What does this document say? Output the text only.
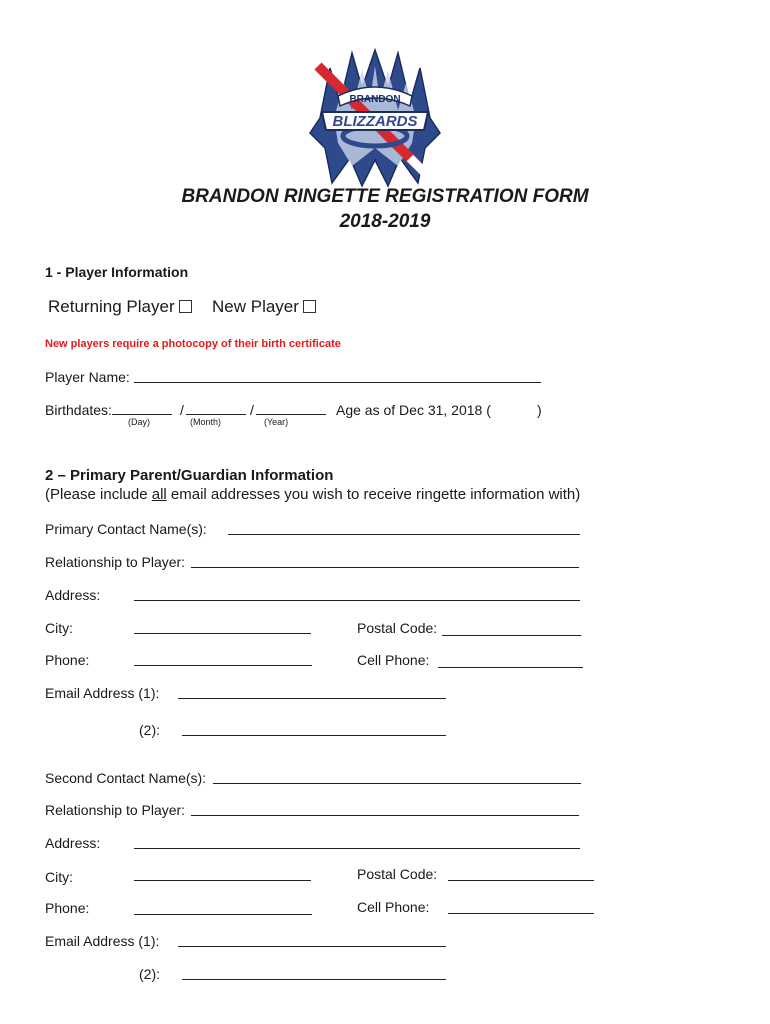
BRANDON
BLIZZARDS
BRANDON RINGETTE REGISTRATION FORM
2018-2019
1 - Player Information
Returning Player	New Player
New players require a photocopy of their birth certificate
Player Name:
Birthdates:	/	/
(Day)	(Month)	(Year)
Age as of Dec 31, 2018 (	)
2 – Primary Parent/Guardian Information
(Please include all email addresses you wish to receive ringette information with)
Primary Contact Name(s):
Relationship to Player:
Address:
City:	Postal Code:
Phone:	Cell Phone:
Email Address (1):
(2):
Second Contact Name(s):
Relationship to Player:
Address:
City:	Postal Code:
Phone:	Cell Phone:
Email Address (1):
(2):
